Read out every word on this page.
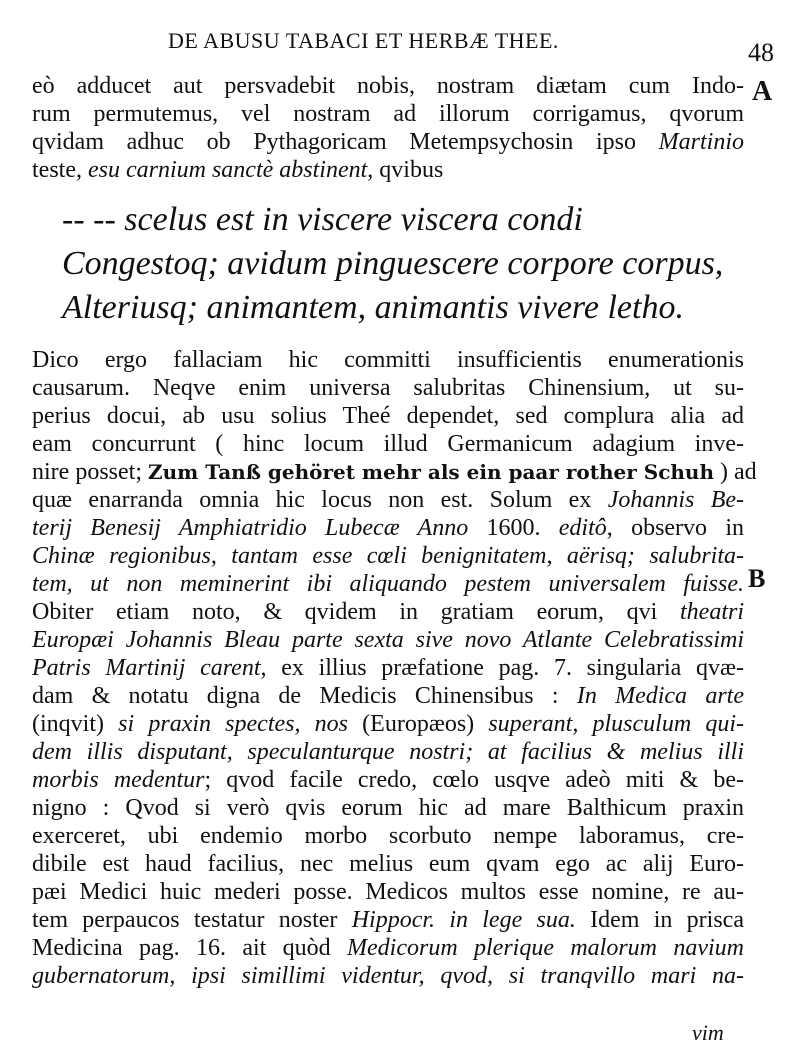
DE ABUSU TABACI ET HERBÆ THEE.	48
A
B
eò adducet aut persvadebit nobis, nostram diætam cum Indo-
rum permutemus, vel nostram ad illorum corrigamus, qvorum
qvidam adhuc ob Pythagoricam Metempsychosin ipso Martinio
teste, esu carnium sanctè abstinent, qvibus
-- -- scelus est in viscere viscera condi
Congestoq; avidum pinguescere corpore corpus,
Alteriusq; animantem, animantis vivere letho.
Dico ergo fallaciam hic committi insufficientis enumerationis
causarum. Neqve enim universa salubritas Chinensium, ut su-
perius docui, ab usu solius Theé dependet, sed complura alia ad
eam concurrunt ( hinc locum illud Germanicum adagium inve-
nire posset; Zum Tanß gehöret mehr als ein paar rother Schuh ) ad
quæ enarranda omnia hic locus non est. Solum ex Johannis Be-
terij Benesij Amphiatridio Lubecæ Anno 1600. editô, observo in
Chinæ regionibus, tantam esse cœli benignitatem, aërisq; salubrita-
tem, ut non meminerint ibi aliquando pestem universalem fuisse.
Obiter etiam noto, & qvidem in gratiam eorum, qvi theatri
Europæi Johannis Bleau parte sexta sive novo Atlante Celebratissimi
Patris Martinij carent, ex illius præfatione pag. 7. singularia qvæ-
dam & notatu digna de Medicis Chinensibus : In Medica arte
(inqvit) si praxin spectes, nos (Europæos) superant, plusculum qui-
dem illis disputant, speculanturque nostri; at facilius & melius illi
morbis medentur; qvod facile credo, cœlo usqve adeò miti & be-
nigno : Qvod si verò qvis eorum hic ad mare Balthicum praxin
exerceret, ubi endemio morbo scorbuto nempe laboramus, cre-
dibile est haud facilius, nec melius eum qvam ego ac alij Euro-
pæi Medici huic mederi posse. Medicos multos esse nomine, re au-
tem perpaucos testatur noster Hippocr. in lege sua. Idem in prisca
Medicina pag. 16. ait quòd Medicorum plerique malorum navium
gubernatorum, ipsi simillimi videntur, qvod, si tranqvillo mari na-
vim
